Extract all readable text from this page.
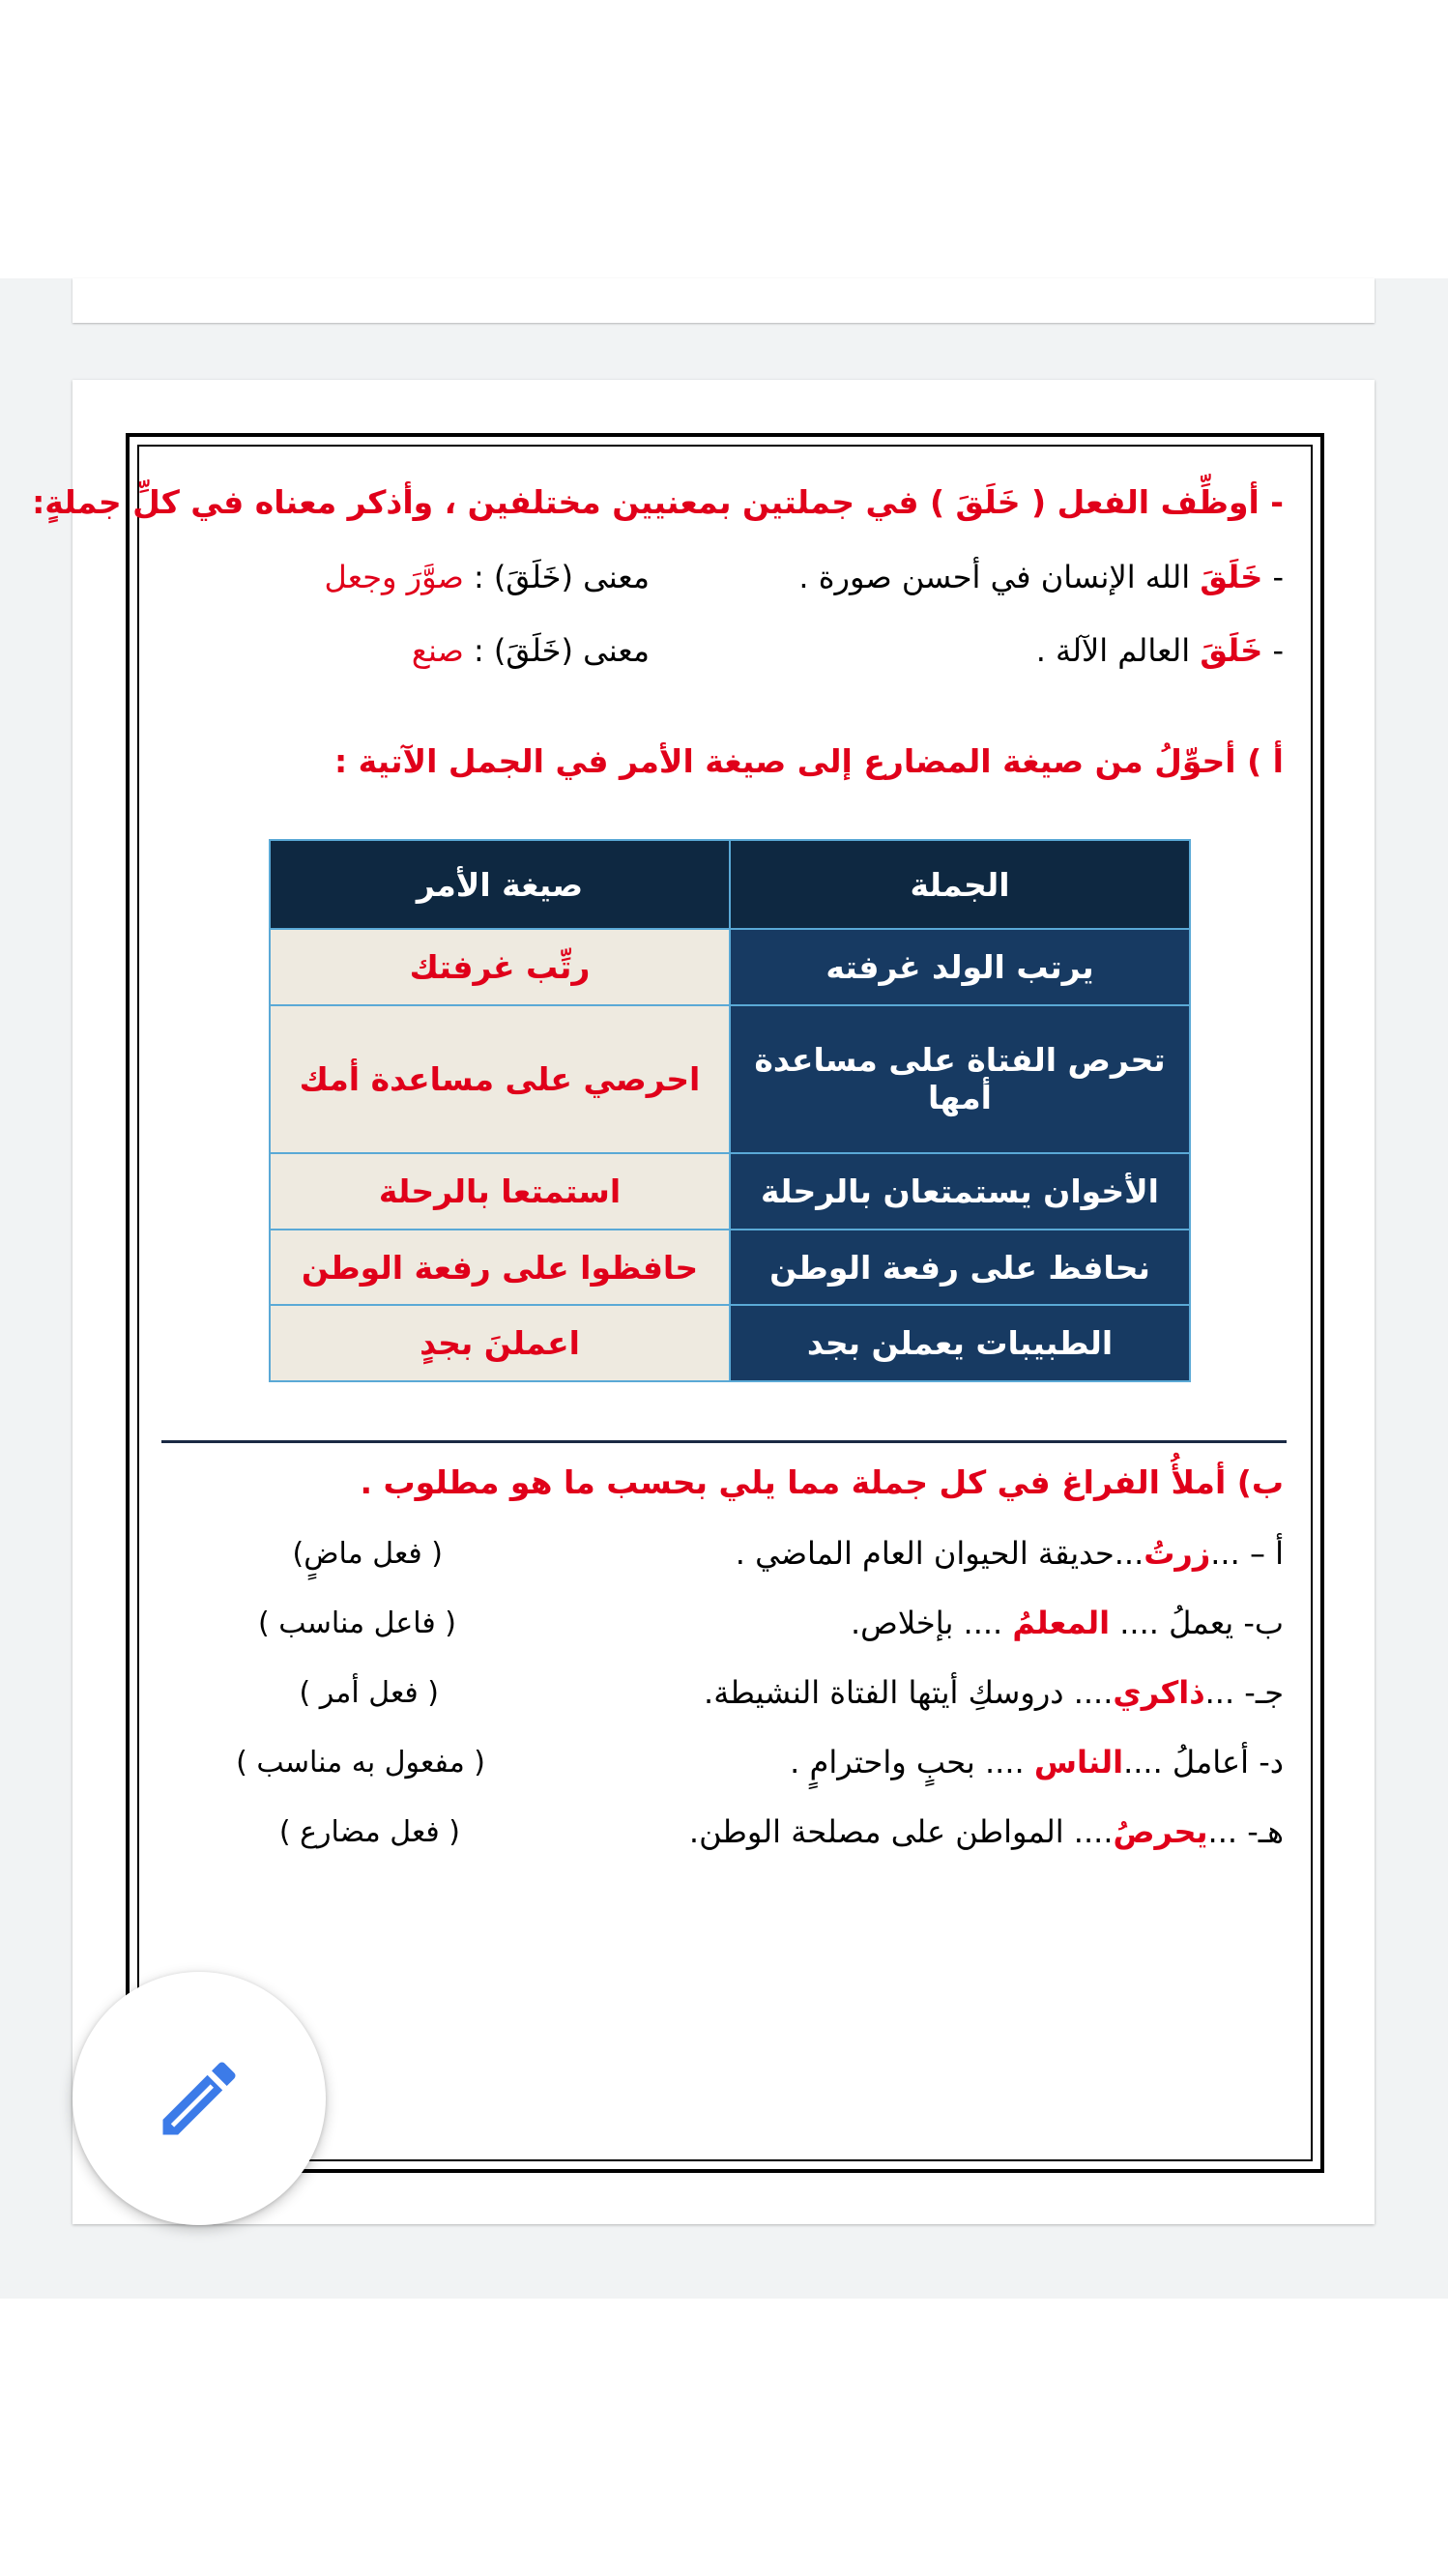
- أوظِّف الفعل ( خَلَقَ ) في جملتين بمعنيين مختلفين ، وأذكر معناه في كلِّ جملةٍ:
- خَلَقَ الله الإنسان في أحسن صورة .
معنى (خَلَقَ) : صوَّرَ وجعل
- خَلَقَ العالم الآلة .
معنى (خَلَقَ) : صنع
أ ) أحوِّلُ من صيغة المضارع إلى صيغة الأمر في الجمل الآتية :
الجملة	صيغة الأمر
يرتب الولد غرفته	رتِّب غرفتك
تحرص الفتاة على مساعدة أمها	احرصي على مساعدة أمك
الأخوان يستمتعان بالرحلة	استمتعا بالرحلة
نحافظ على رفعة الوطن	حافظوا على رفعة الوطن
الطبيبات يعملن بجد	اعملنَ بجدٍ
ب) أملأُ الفراغ في كل جملة مما يلي بحسب ما هو مطلوب .
أ – ...زرتُ...حديقة الحيوان العام الماضي .
( فعل ماضٍ)
ب- يعملُ .... المعلمُ .... بإخلاص.
( فاعل مناسب )
جـ- ...ذاكري.... دروسكِ أيتها الفتاة النشيطة.
( فعل أمر )
د- أعاملُ ....الناس .... بحبٍ واحترامٍ .
( مفعول به مناسب )
هـ- ...يحرصُ.... المواطن على مصلحة الوطن.
( فعل مضارع )
